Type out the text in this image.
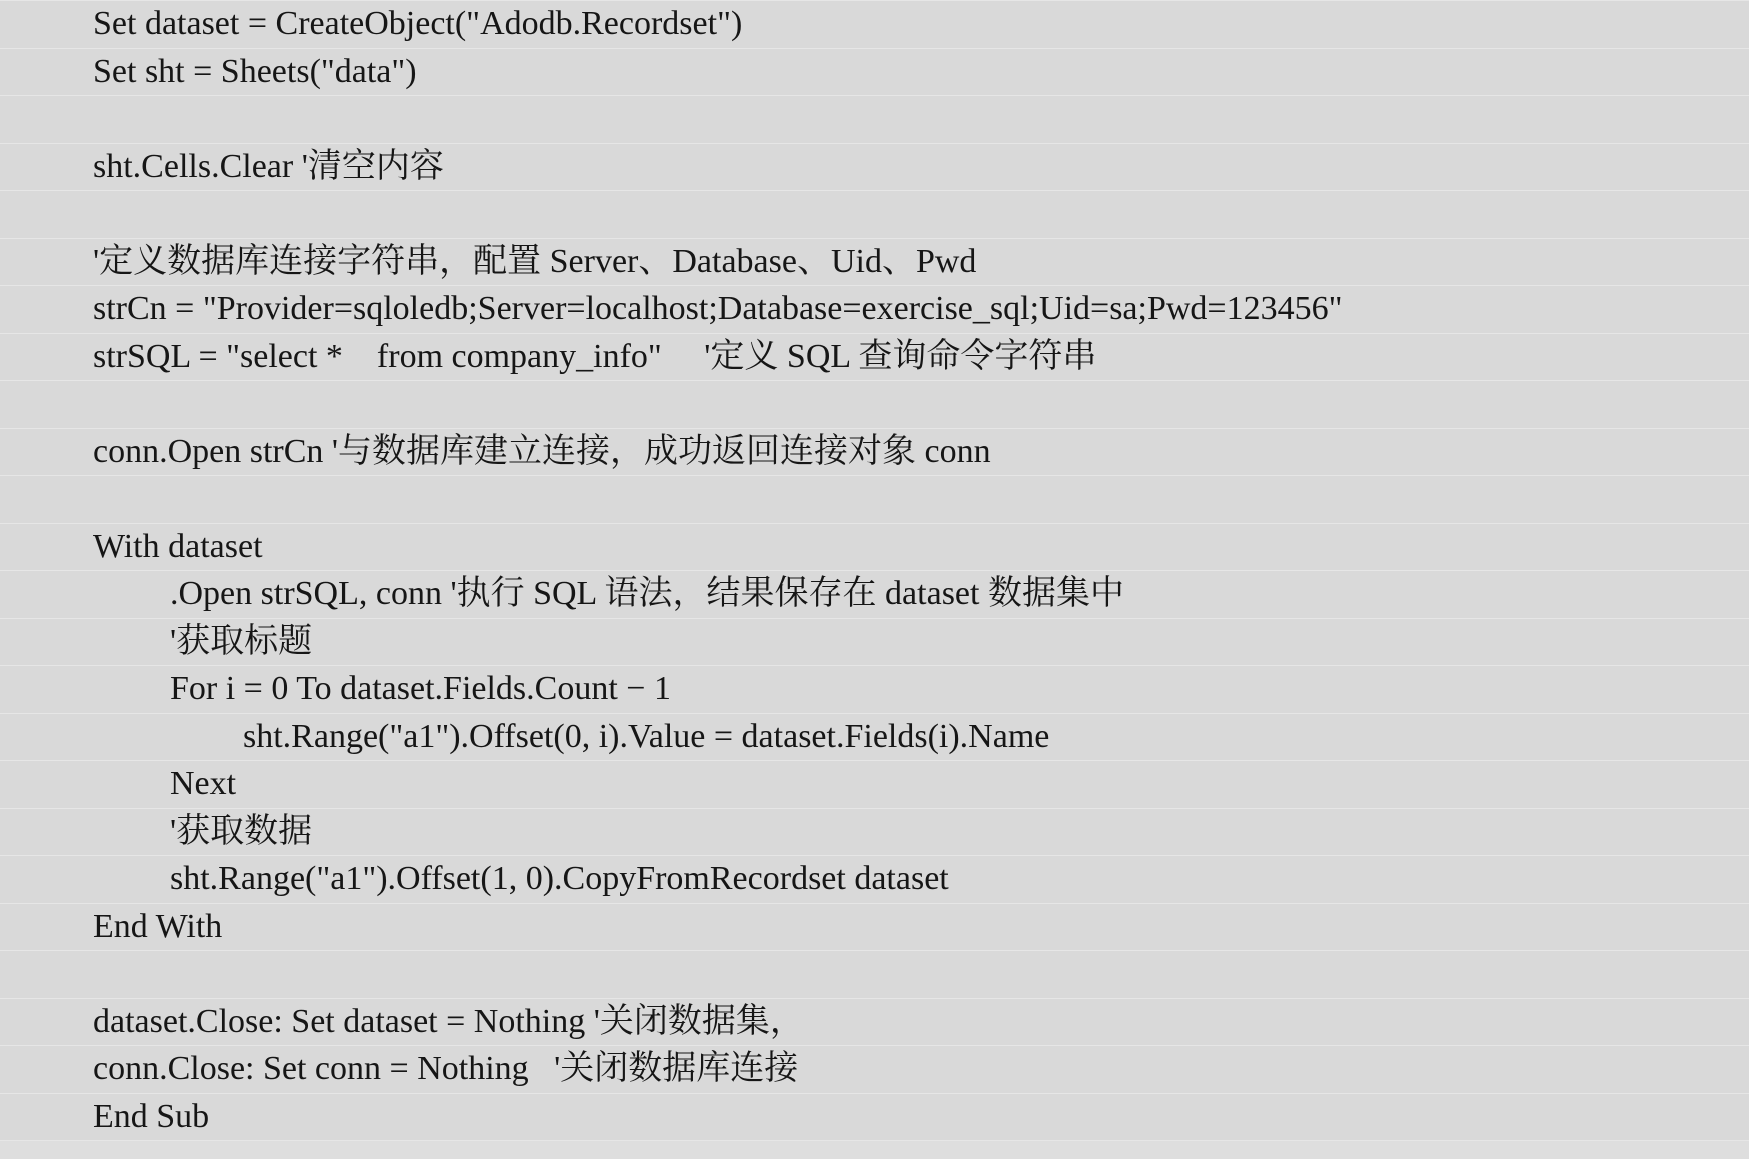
Set dataset = CreateObject("Adodb.Recordset")
Set sht = Sheets("data")
sht.Cells.Clear '清空内容
'定义数据库连接字符串，配置 Server、Database、Uid、Pwd
strCn = "Provider=sqloledb;Server=localhost;Database=exercise_sql;Uid=sa;Pwd=123456"
strSQL = "select *    from company_info"     '定义 SQL 查询命令字符串
conn.Open strCn '与数据库建立连接，成功返回连接对象 conn
With dataset
.Open strSQL, conn '执行 SQL 语法，结果保存在 dataset 数据集中
'获取标题
For i = 0 To dataset.Fields.Count − 1
sht.Range("a1").Offset(0, i).Value = dataset.Fields(i).Name
Next
'获取数据
sht.Range("a1").Offset(1, 0).CopyFromRecordset dataset
End With
dataset.Close: Set dataset = Nothing '关闭数据集，
conn.Close: Set conn = Nothing   '关闭数据库连接
End Sub
